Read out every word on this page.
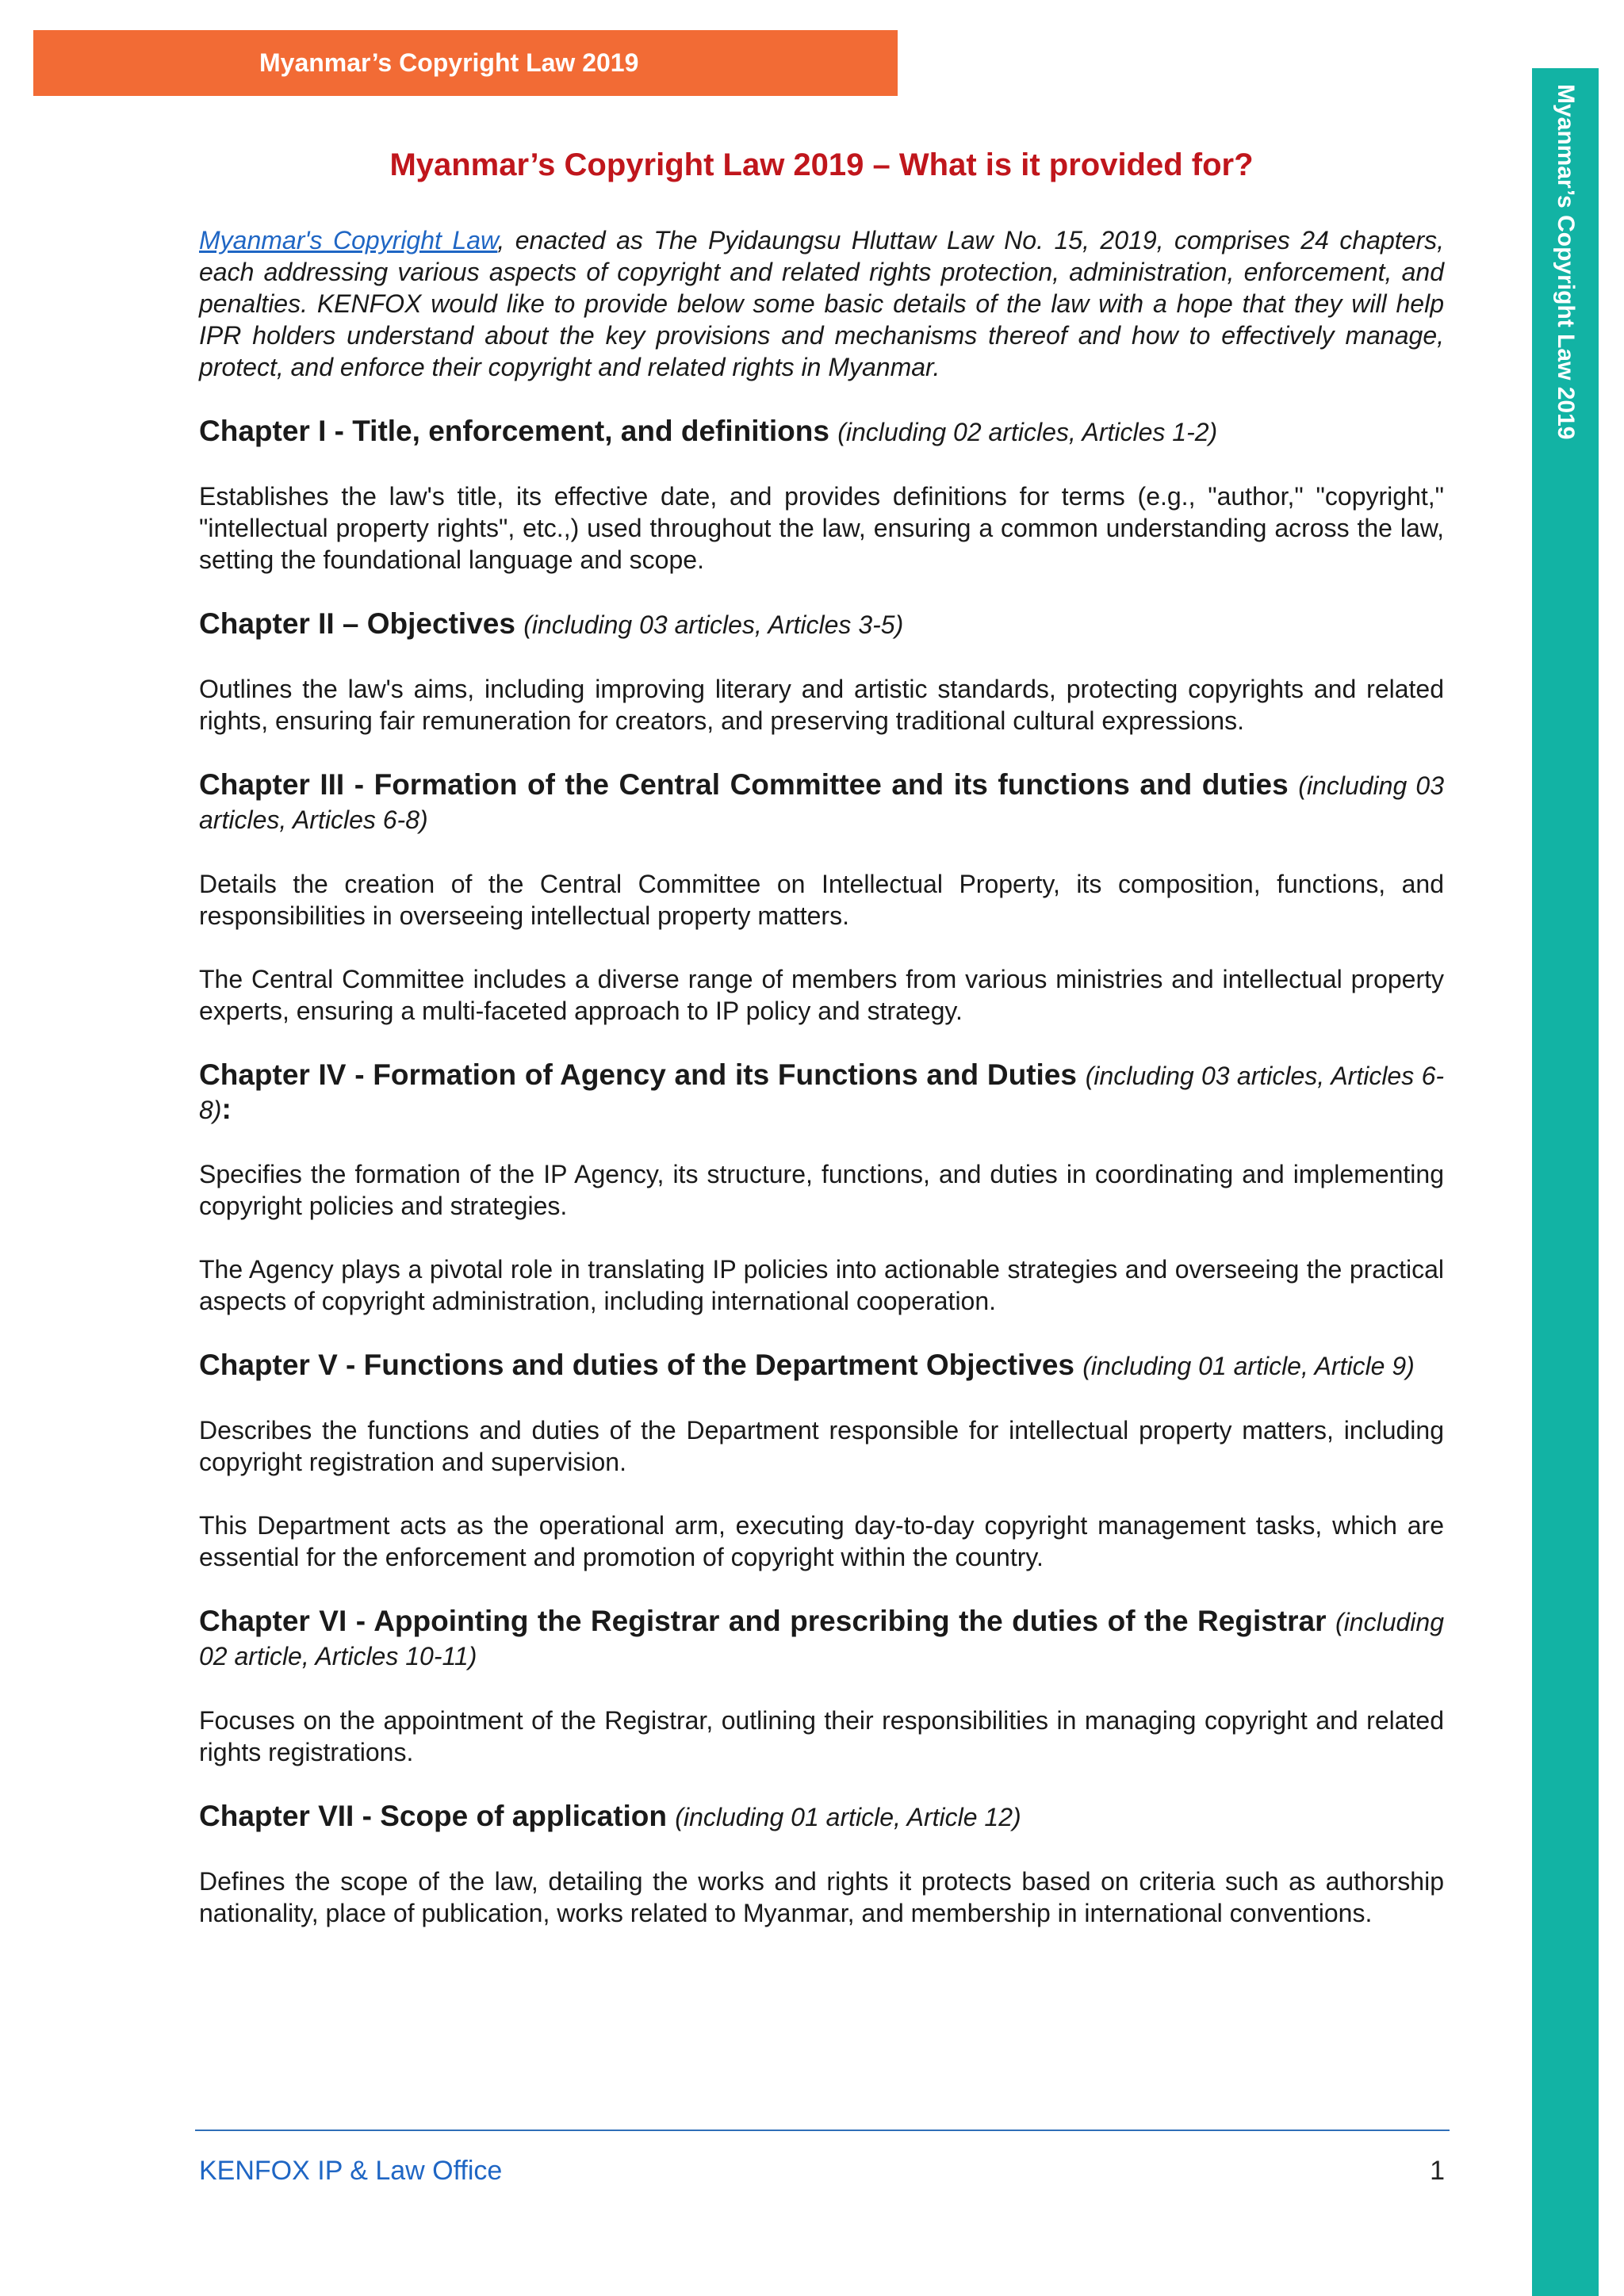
Myanmar’s Copyright Law 2019
Myanmar’s Copyright Law 2019
Myanmar’s Copyright Law 2019 – What is it provided for?

Myanmar's Copyright Law, enacted as The Pyidaungsu Hluttaw Law No. 15, 2019, comprises 24 chapters, each addressing various aspects of copyright and related rights protection, administration, enforcement, and penalties. KENFOX would like to provide below some basic details of the law with a hope that they will help IPR holders understand about the key provisions and mechanisms thereof and how to effectively manage, protect, and enforce their copyright and related rights in Myanmar.

Chapter I - Title, enforcement, and definitions (including 02 articles, Articles 1-2)

Establishes the law's title, its effective date, and provides definitions for terms (e.g., "author," "copyright," "intellectual property rights", etc.,) used throughout the law, ensuring a common understanding across the law, setting the foundational language and scope.

Chapter II – Objectives (including 03 articles, Articles 3-5)

Outlines the law's aims, including improving literary and artistic standards, protecting copyrights and related rights, ensuring fair remuneration for creators, and preserving traditional cultural expressions.

Chapter III - Formation of the Central Committee and its functions and duties (including 03 articles, Articles 6-8)

Details the creation of the Central Committee on Intellectual Property, its composition, functions, and responsibilities in overseeing intellectual property matters.

The Central Committee includes a diverse range of members from various ministries and intellectual property experts, ensuring a multi-faceted approach to IP policy and strategy.

Chapter IV - Formation of Agency and its Functions and Duties (including 03 articles, Articles 6-8):

Specifies the formation of the IP Agency, its structure, functions, and duties in coordinating and implementing copyright policies and strategies.

The Agency plays a pivotal role in translating IP policies into actionable strategies and overseeing the practical aspects of copyright administration, including international cooperation.

Chapter V - Functions and duties of the Department Objectives (including 01 article, Article 9)

Describes the functions and duties of the Department responsible for intellectual property matters, including copyright registration and supervision.

This Department acts as the operational arm, executing day-to-day copyright management tasks, which are essential for the enforcement and promotion of copyright within the country.

Chapter VI - Appointing the Registrar and prescribing the duties of the Registrar (including 02 article, Articles 10-11)

Focuses on the appointment of the Registrar, outlining their responsibilities in managing copyright and related rights registrations.

Chapter VII - Scope of application (including 01 article, Article 12)

Defines the scope of the law, detailing the works and rights it protects based on criteria such as authorship nationality, place of publication, works related to Myanmar, and membership in international conventions.

KENFOX IP & Law Office	1
